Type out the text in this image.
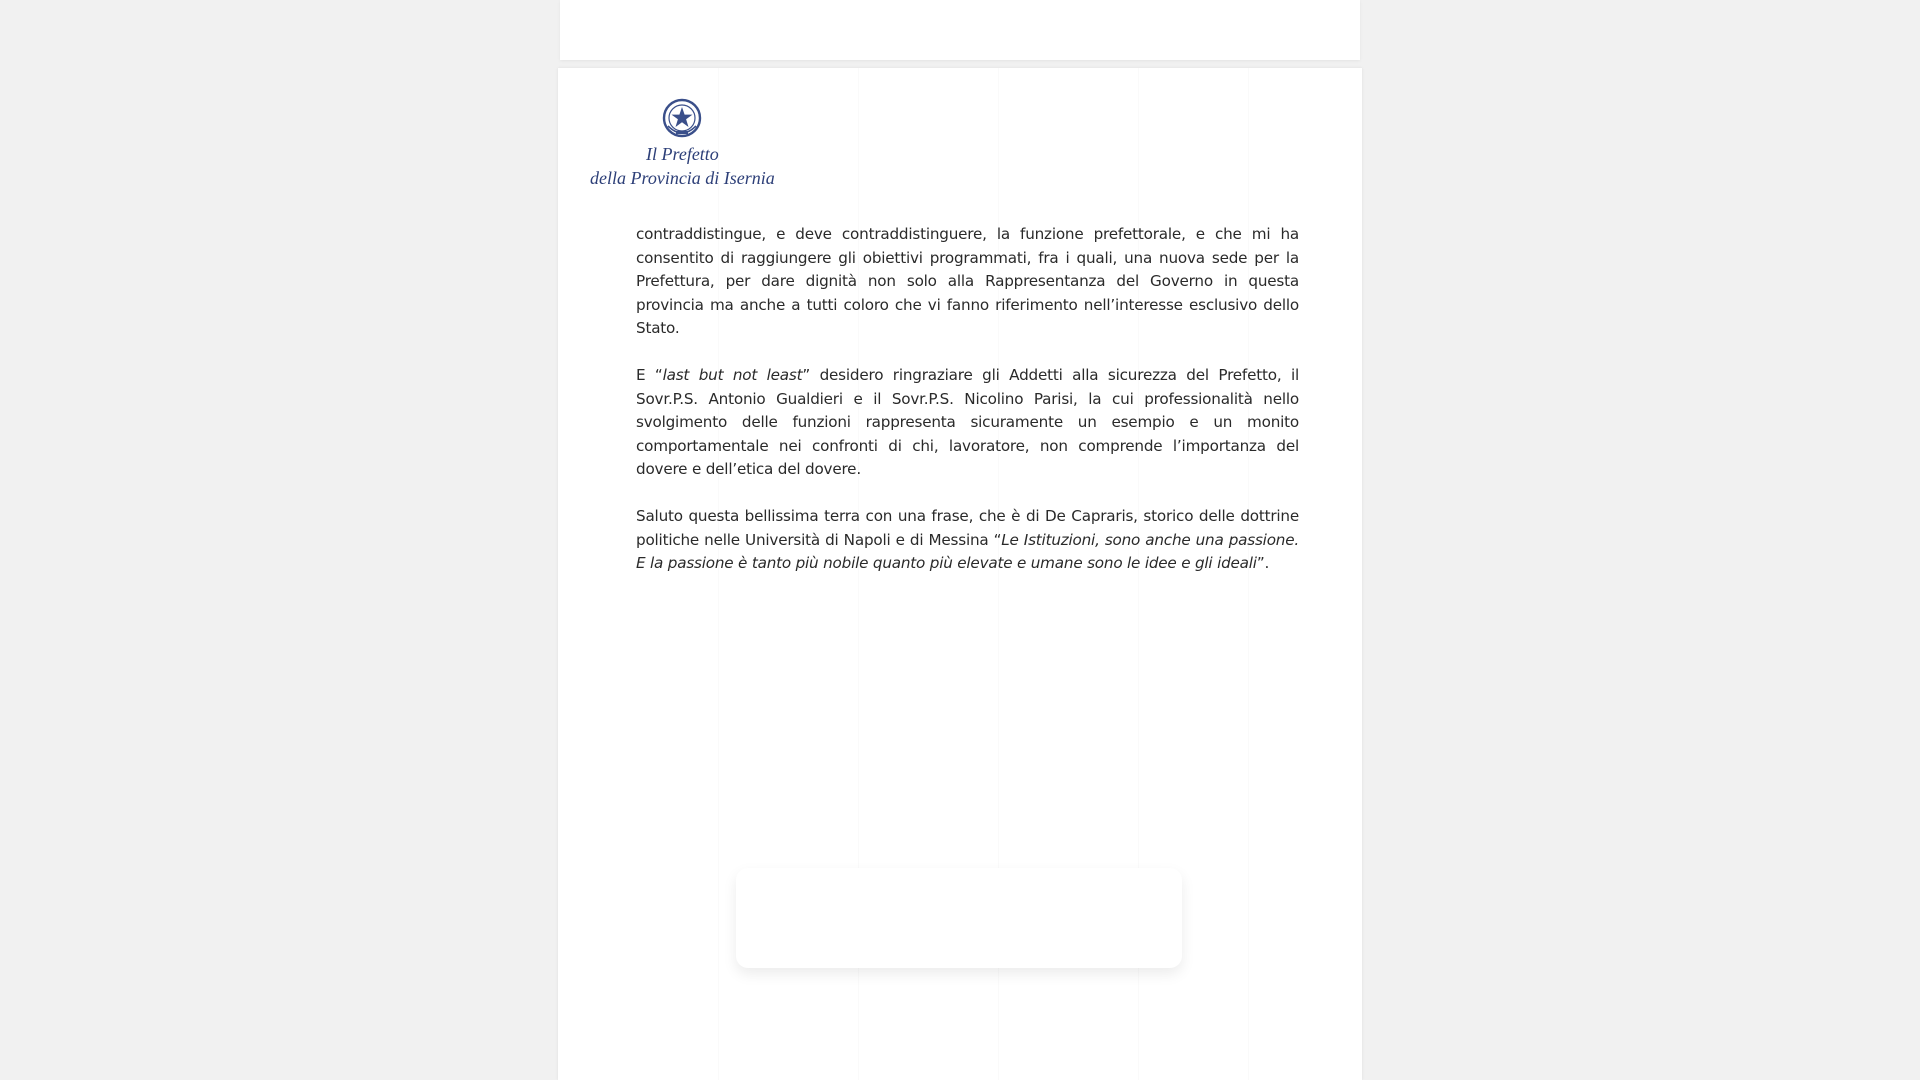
Il Prefetto
della Provincia di Isernia

contraddistingue, e deve contraddistinguere, la funzione prefettorale, e che mi ha consentito di raggiungere gli obiettivi programmati, fra i quali, una nuova sede per la Prefettura, per dare dignità non solo alla Rappresentanza del Governo in questa provincia ma anche a tutti coloro che vi fanno riferimento nell’interesse esclusivo dello Stato.

E “last but not least” desidero ringraziare gli Addetti alla sicurezza del Prefetto, il Sovr.P.S. Antonio Gualdieri e il Sovr.P.S. Nicolino Parisi, la cui professionalità nello svolgimento delle funzioni rappresenta sicuramente un esempio e un monito comportamentale nei confronti di chi, lavoratore, non comprende l’importanza del dovere e dell’etica del dovere.

Saluto questa bellissima terra con una frase, che è di De Capraris, storico delle dottrine politiche nelle Università di Napoli e di Messina “Le Istituzioni, sono anche una passione. E la passione è tanto più nobile quanto più elevate e umane sono le idee e gli ideali”.
